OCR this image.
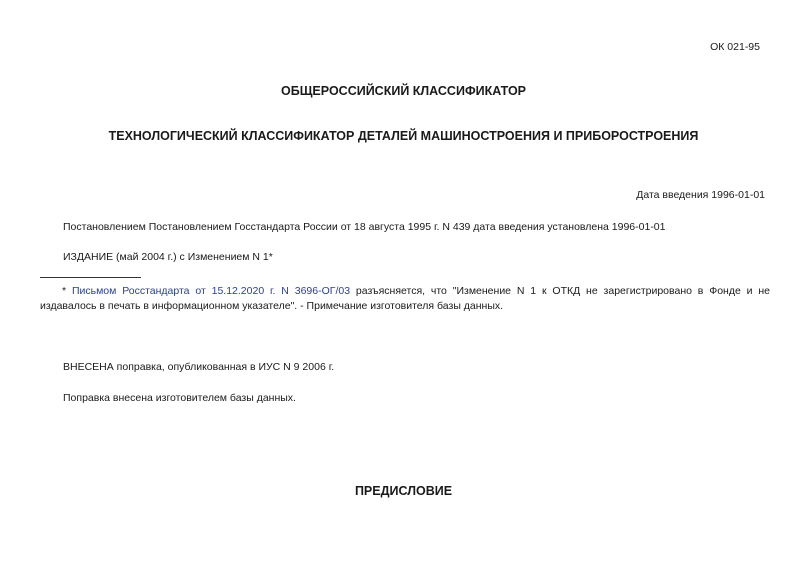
ОК 021-95
ОБЩЕРОССИЙСКИЙ КЛАССИФИКАТОР
ТЕХНОЛОГИЧЕСКИЙ КЛАССИФИКАТОР ДЕТАЛЕЙ МАШИНОСТРОЕНИЯ И ПРИБОРОСТРОЕНИЯ
Дата введения 1996-01-01
Постановлением Постановлением Госстандарта России от 18 августа 1995 г. N 439 дата введения установлена 1996-01-01
ИЗДАНИЕ (май 2004 г.) с Изменением N 1*
* Письмом Росстандарта от 15.12.2020 г. N 3696-ОГ/03 разъясняется, что "Изменение N 1 к ОТКД не зарегистрировано в Фонде и не издавалось в печать в информационном указателе". - Примечание изготовителя базы данных.
ВНЕСЕНА поправка, опубликованная в ИУС N 9 2006 г.
Поправка внесена изготовителем базы данных.
ПРЕДИСЛОВИЕ
